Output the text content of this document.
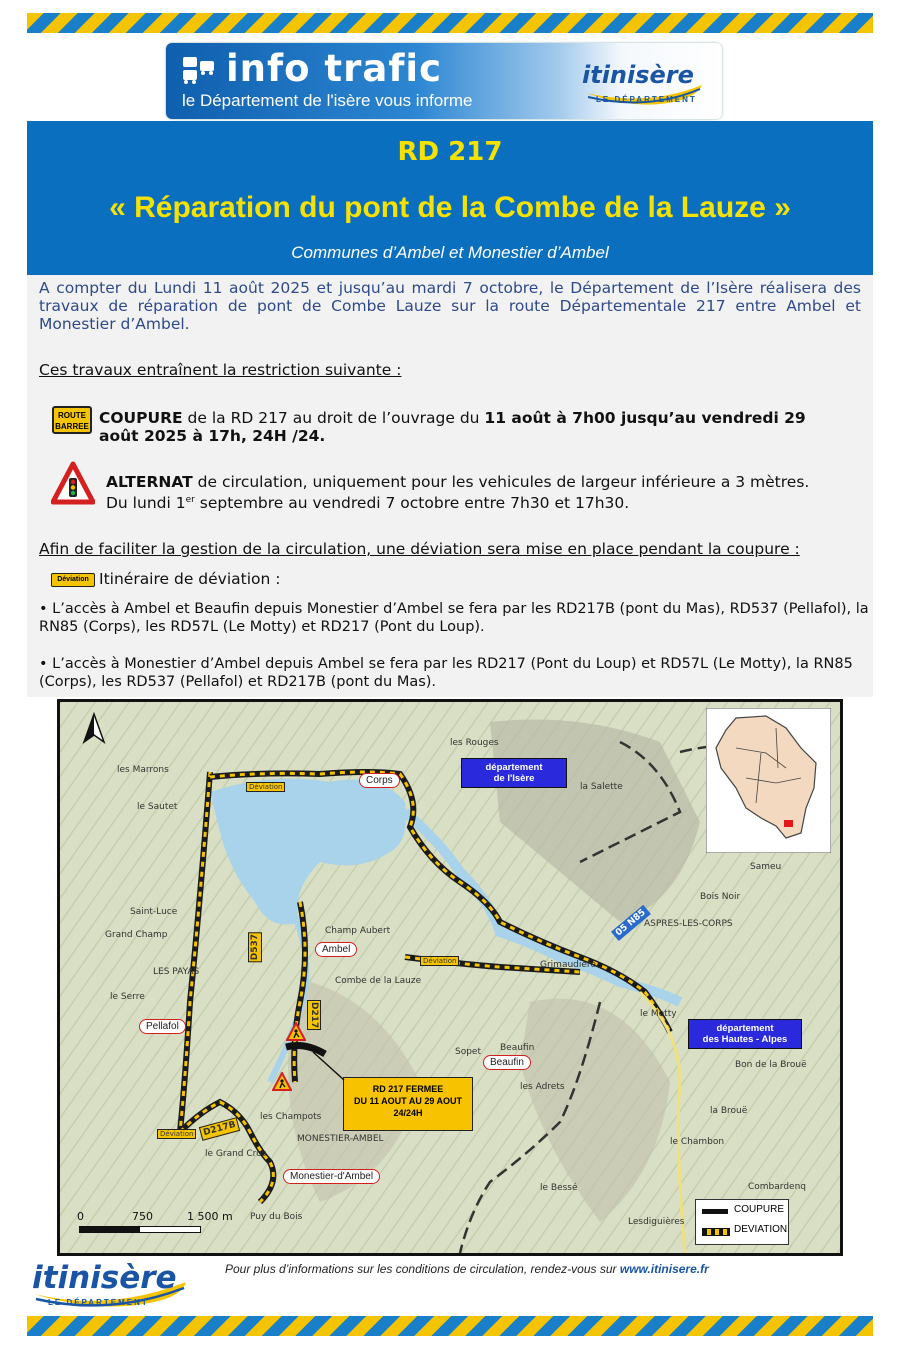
info trafic
le Département de l'isère vous informe
itinisère
LE DÉPARTEMENT
RD 217
« Réparation du pont de la Combe de la Lauze »
Communes d’Ambel et Monestier d’Ambel
A compter du Lundi 11 août 2025 et jusqu’au mardi 7 octobre, le Département de l’Isère réalisera des travaux de réparation de pont de Combe Lauze sur la route Départementale 217 entre Ambel et Monestier d’Ambel.
Ces travaux entraînent la restriction suivante :
ROUTE
BARREE COUPURE de la RD 217 au droit de l’ouvrage du 11 août à 7h00 jusqu’au vendredi 29 août 2025 à 17h, 24H /24.
ALTERNAT de circulation, uniquement pour les vehicules de largeur inférieure a 3 mètres.
Du lundi 1er septembre au vendredi 7 octobre entre 7h30 et 17h30.
Afin de faciliter la gestion de la circulation, une déviation sera mise en place pendant la coupure :
Déviation Itinéraire de déviation :
• L’accès à Ambel et Beaufin depuis Monestier d’Ambel se fera par les RD217B (pont du Mas), RD537 (Pellafol), la RN85 (Corps), les RD57L (Le Motty) et RD217 (Pont du Loup).
• L’accès à Monestier d’Ambel depuis Ambel se fera par les RD217 (Pont du Loup) et RD57L (Le Motty), la RN85 (Corps), les RD537 (Pellafol) et RD217B (pont du Mas).
Corps
Ambel
Pellafol
Beaufin
Monestier-d'Ambel
département
de l'Isère
département
des Hautes - Alpes
D537
D217
D217B
05 N85
Déviation
Déviation
Déviation
RD 217 FERMEE
DU 11 AOUT AU 29 AOUT
24/24H
les Marrons
le Sautet
Grand Champ
Saint-Luce
LES PAYAS
le Serre
Combe de la Lauze
Beaufin
Sopet
le Motty
ASPRES-LES-CORPS
Bois Noir
Sameu
Combardenq
le Bessé
Lesdiguières
le Chambon
la Brouë
Bon de la Brouë
MONESTIER-AMBEL
les Champots
le Grand Cros
Puy du Bois
les Adrets
Champ Aubert
les Rouges
la Salette
Grimaudière
0	750	1 500 m
COUPURE
DEVIATION
itinisère
LE DÉPARTEMENT
Pour plus d’informations sur les conditions de circulation, rendez-vous sur www.itinisere.fr
